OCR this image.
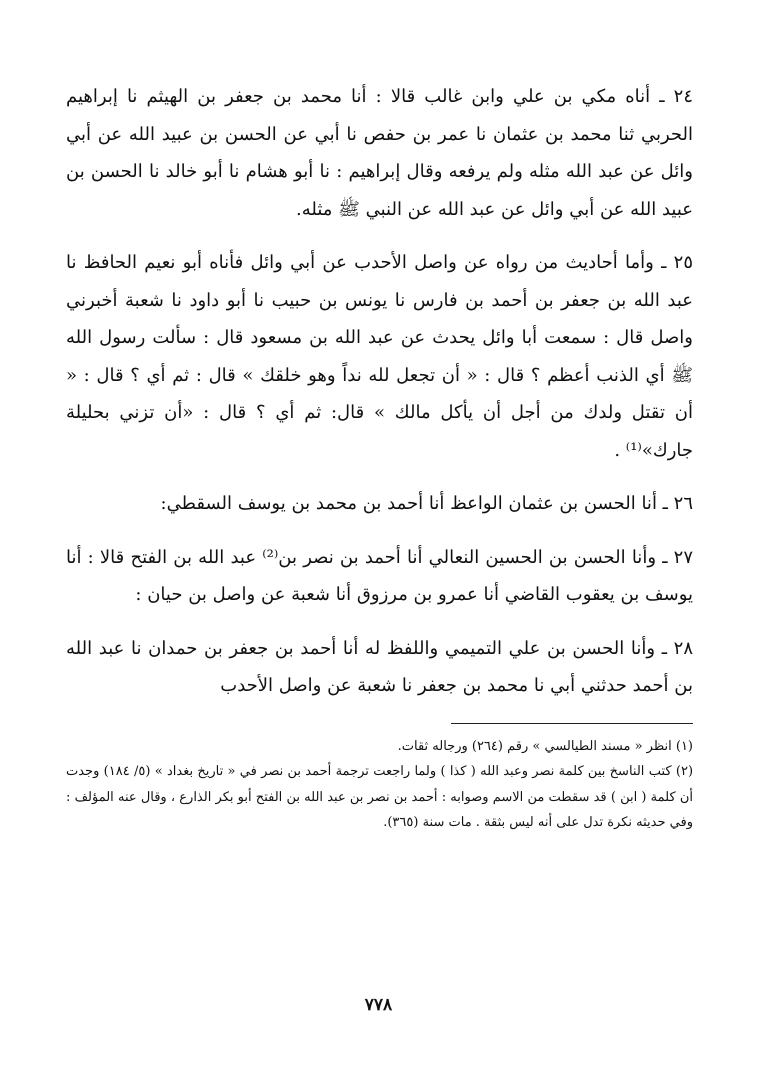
٢٤ ـ أناه مكي بن علي وابن غالب قالا : أنا محمد بن جعفر بن الهيثم نا إبراهيم الحربي ثنا محمد بن عثمان نا عمر بن حفص نا أبي عن الحسن بن عبيد الله عن أبي وائل عن عبد الله مثله ولم يرفعه وقال إبراهيم : نا أبو هشام نا أبو خالد نا الحسن بن عبيد الله عن أبي وائل عن عبد الله عن النبي ﷺ مثله.

٢٥ ـ وأما أحاديث من رواه عن واصل الأحدب عن أبي وائل فأناه أبو نعيم الحافظ نا عبد الله بن جعفر بن أحمد بن فارس نا يونس بن حبيب نا أبو داود نا شعبة أخبرني واصل قال : سمعت أبا وائل يحدث عن عبد الله بن مسعود قال : سألت رسول الله ﷺ أي الذنب أعظم ؟ قال : « أن تجعل لله نداً وهو خلقك » قال : ثم أي ؟ قال : « أن تقتل ولدك من أجل أن يأكل مالك » قال: ثم أي ؟ قال : «أن تزني بحليلة جارك»⁽¹⁾ .

٢٦ ـ أنا الحسن بن عثمان الواعظ أنا أحمد بن محمد بن يوسف السقطي:

٢٧ ـ وأنا الحسن بن الحسين النعالي أنا أحمد بن نصر بن⁽²⁾ عبد الله بن الفتح قالا : أنا يوسف بن يعقوب القاضي أنا عمرو بن مرزوق أنا شعبة عن واصل بن حيان :

٢٨ ـ وأنا الحسن بن علي التميمي واللفظ له أنا أحمد بن جعفر بن حمدان نا عبد الله بن أحمد حدثني أبي نا محمد بن جعفر نا شعبة عن واصل الأحدب

(١) انظر « مسند الطيالسي » رقم (٢٦٤) ورجاله ثقات.

(٢) كتب الناسخ بين كلمة نصر وعبد الله ( كذا ) ولما راجعت ترجمة أحمد بن نصر في « تاريخ بغداد » (٥/ ١٨٤) وجدت أن كلمة ( ابن ) قد سقطت من الاسم وصوابه : أحمد بن نصر بن عبد الله بن الفتح أبو بكر الذارع ، وقال عنه المؤلف : وفي حديثه نكرة تدل على أنه ليس بثقة . مات سنة (٣٦٥).

٧٧٨
